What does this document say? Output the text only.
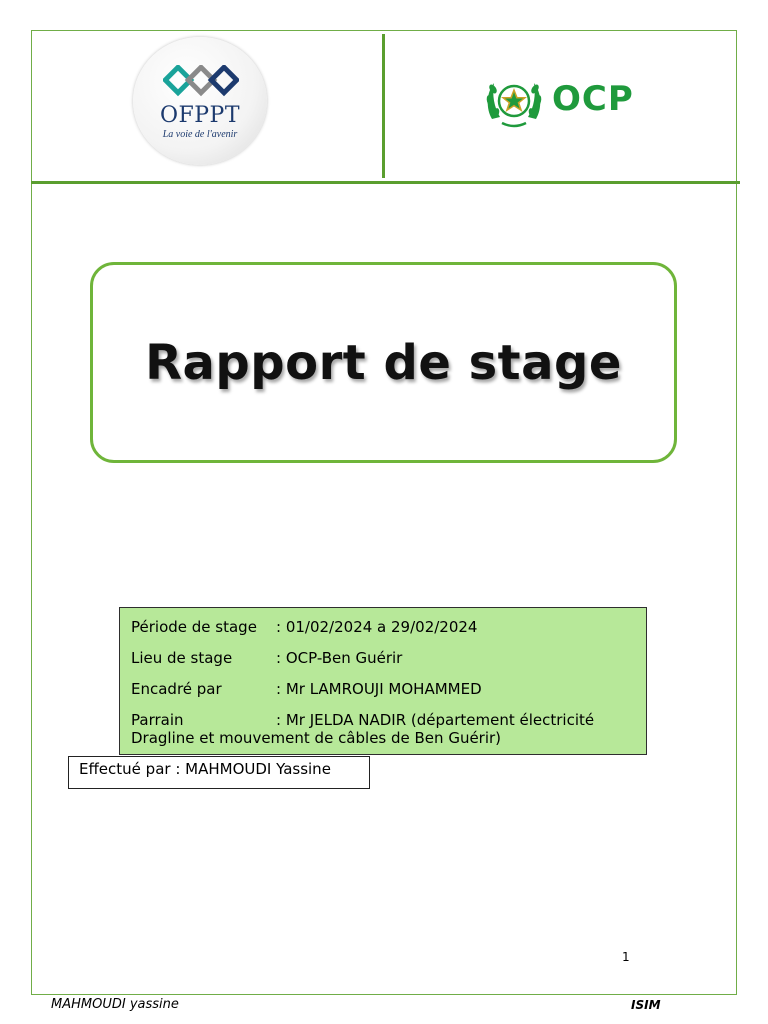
OFPPT
La voie de l'avenir
OCP
Rapport de stage
Période de stage	: 01/02/2024 a 29/02/2024
Lieu de stage	: OCP-Ben Guérir
Encadré par	: Mr LAMROUJI MOHAMMED
Parrain	: Mr JELDA NADIR (département électricité
Dragline et mouvement de câbles de Ben Guérir)
Effectué par : MAHMOUDI Yassine
1
MAHMOUDI yassine	ISIM
